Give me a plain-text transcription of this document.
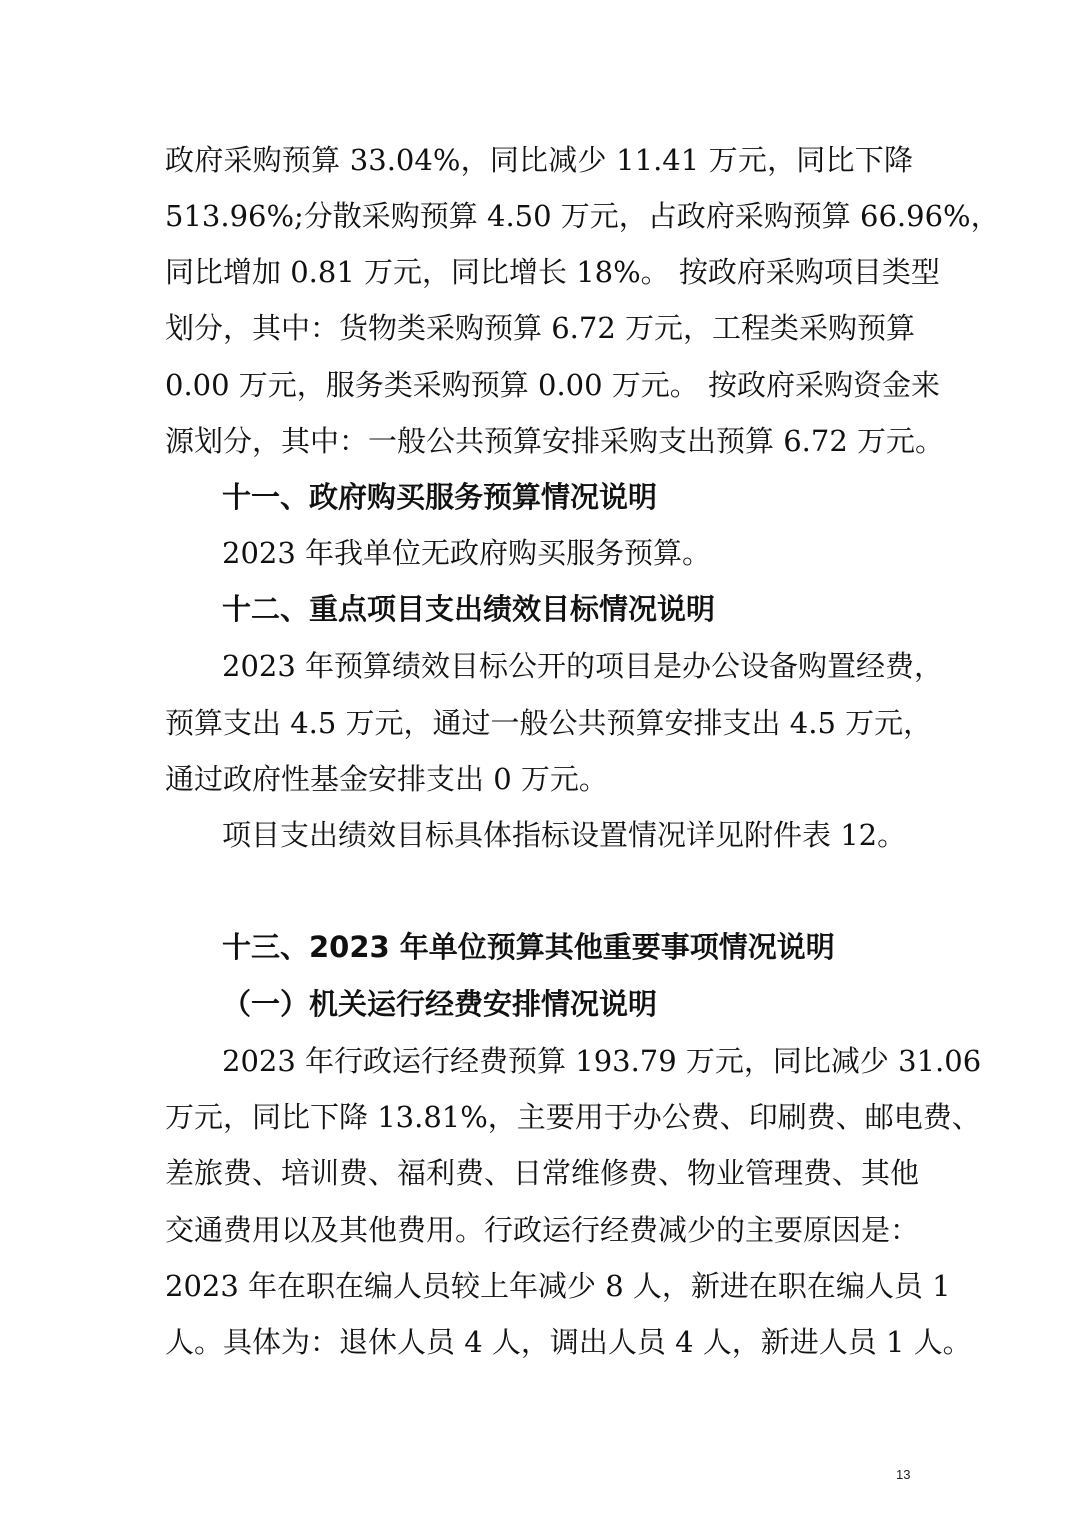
政府采购预算 33.04%，同比减少 11.41 万元，同比下降
513.96%;分散采购预算 4.50 万元，占政府采购预算 66.96%，
同比增加 0.81 万元，同比增长 18%。 按政府采购项目类型
划分，其中：货物类采购预算 6.72 万元，工程类采购预算
0.00 万元，服务类采购预算 0.00 万元。 按政府采购资金来
源划分，其中：一般公共预算安排采购支出预算 6.72 万元。
十一、政府购买服务预算情况说明
2023 年我单位无政府购买服务预算。
十二、重点项目支出绩效目标情况说明
2023 年预算绩效目标公开的项目是办公设备购置经费，
预算支出 4.5 万元，通过一般公共预算安排支出 4.5 万元，
通过政府性基金安排支出 0 万元。
项目支出绩效目标具体指标设置情况详见附件表 12。
十三、2023 年单位预算其他重要事项情况说明
（一）机关运行经费安排情况说明
2023 年行政运行经费预算 193.79 万元，同比减少 31.06
万元，同比下降 13.81%，主要用于办公费、印刷费、邮电费、
差旅费、培训费、福利费、日常维修费、物业管理费、其他
交通费用以及其他费用。行政运行经费减少的主要原因是：
2023 年在职在编人员较上年减少 8 人，新进在职在编人员 1
人。具体为：退休人员 4 人，调出人员 4 人，新进人员 1 人。
13
